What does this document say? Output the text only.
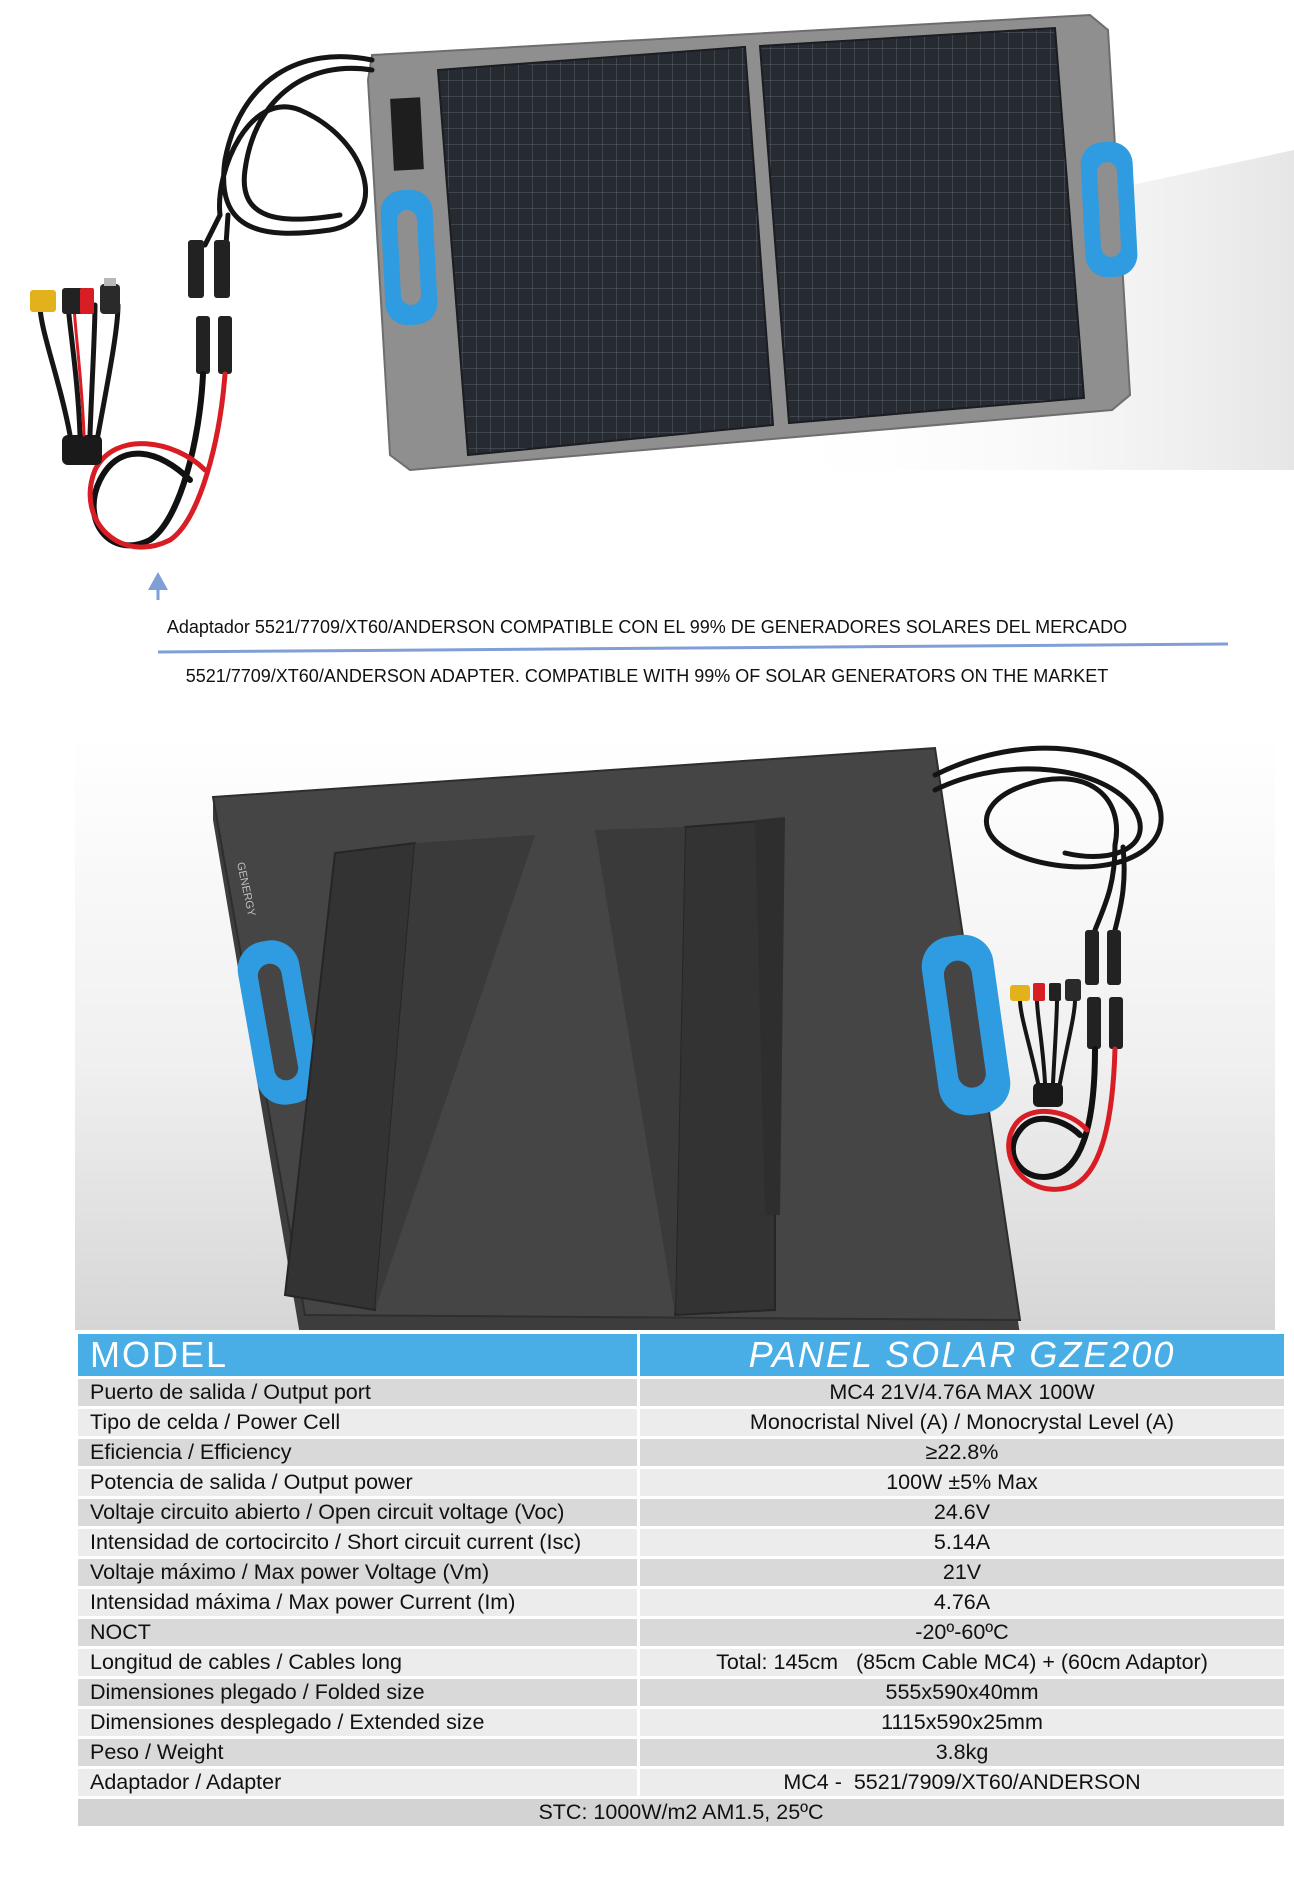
Adaptador 5521/7709/XT60/ANDERSON COMPATIBLE CON EL 99% DE GENERADORES SOLARES DEL MERCADO
5521/7709/XT60/ANDERSON ADAPTER. COMPATIBLE WITH 99% OF SOLAR GENERATORS ON THE MARKET
GENERGY
MODEL	PANEL SOLAR GZE200
Puerto de salida / Output port	MC4 21V/4.76A MAX 100W
Tipo de celda / Power Cell	Monocristal Nivel (A) / Monocrystal Level (A)
Eficiencia / Efficiency	≥22.8%
Potencia de salida / Output power	100W ±5% Max
Voltaje circuito abierto / Open circuit voltage (Voc)	24.6V
Intensidad de cortocircito / Short circuit current (Isc)	5.14A
Voltaje máximo / Max power Voltage (Vm)	21V
Intensidad máxima / Max power Current (Im)	4.76A
NOCT	-20º-60ºC
Longitud de cables / Cables long	Total: 145cm   (85cm Cable MC4) + (60cm Adaptor)
Dimensiones plegado / Folded size	555x590x40mm
Dimensiones desplegado / Extended size	1115x590x25mm
Peso / Weight	3.8kg
Adaptador / Adapter	MC4 -  5521/7909/XT60/ANDERSON
STC: 1000W/m2 AM1.5, 25ºC	
